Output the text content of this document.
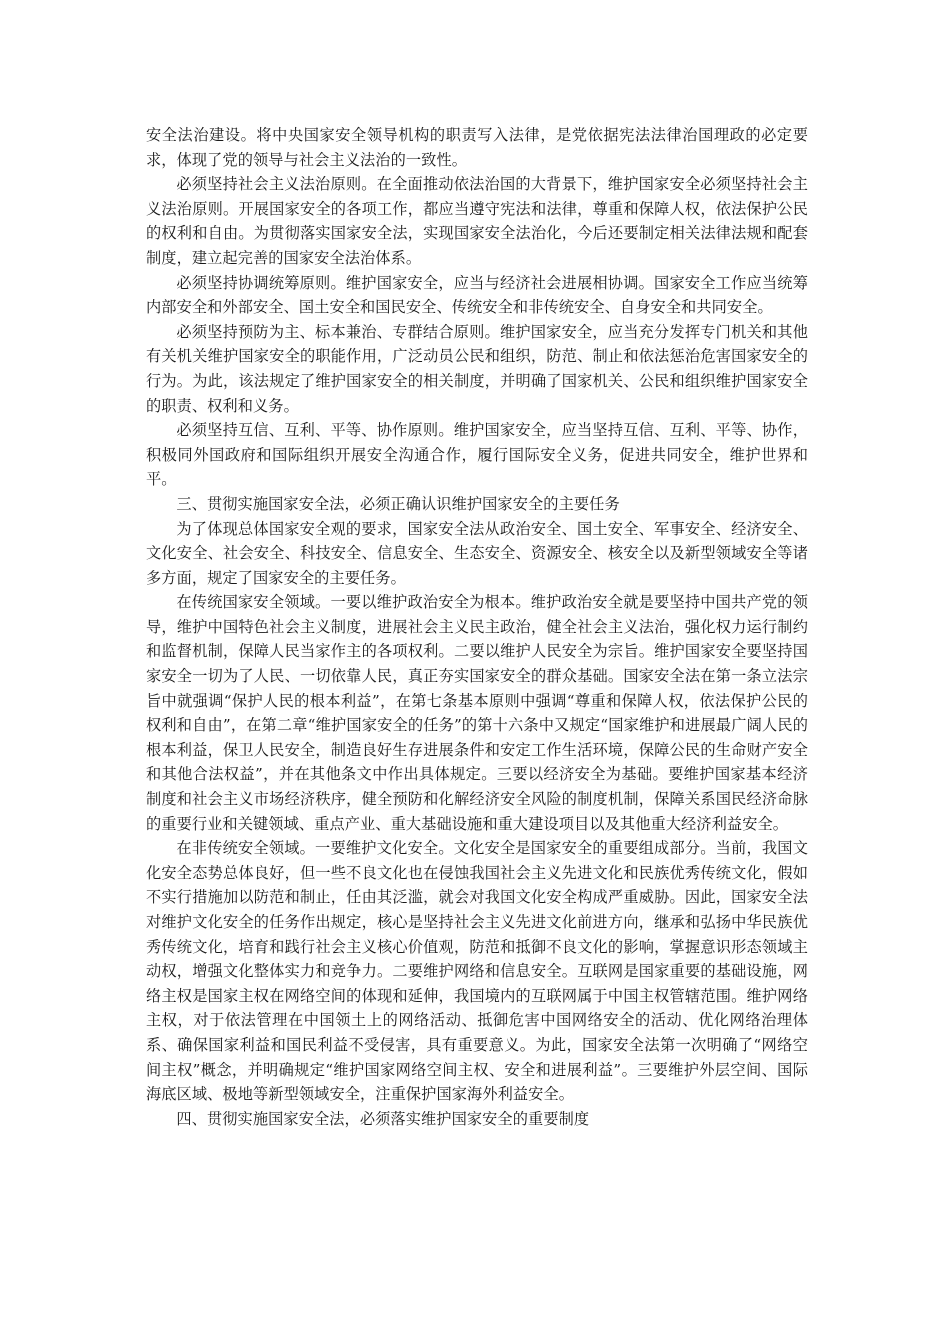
安全法治建设。将中央国家安全领导机构的职责写入法律，是党依据宪法法律治国理政的必定要求，体现了党的领导与社会主义法治的一致性。

必须坚持社会主义法治原则。在全面推动依法治国的大背景下，维护国家安全必须坚持社会主义法治原则。开展国家安全的各项工作，都应当遵守宪法和法律，尊重和保障人权，依法保护公民的权利和自由。为贯彻落实国家安全法，实现国家安全法治化，今后还要制定相关法律法规和配套制度，建立起完善的国家安全法治体系。

必须坚持协调统筹原则。维护国家安全，应当与经济社会进展相协调。国家安全工作应当统筹内部安全和外部安全、国土安全和国民安全、传统安全和非传统安全、自身安全和共同安全。

必须坚持预防为主、标本兼治、专群结合原则。维护国家安全，应当充分发挥专门机关和其他有关机关维护国家安全的职能作用，广泛动员公民和组织，防范、制止和依法惩治危害国家安全的行为。为此，该法规定了维护国家安全的相关制度，并明确了国家机关、公民和组织维护国家安全的职责、权利和义务。

必须坚持互信、互利、平等、协作原则。维护国家安全，应当坚持互信、互利、平等、协作，积极同外国政府和国际组织开展安全沟通合作，履行国际安全义务，促进共同安全，维护世界和平。

三、贯彻实施国家安全法，必须正确认识维护国家安全的主要任务

为了体现总体国家安全观的要求，国家安全法从政治安全、国土安全、军事安全、经济安全、文化安全、社会安全、科技安全、信息安全、生态安全、资源安全、核安全以及新型领域安全等诸多方面，规定了国家安全的主要任务。

在传统国家安全领域。一要以维护政治安全为根本。维护政治安全就是要坚持中国共产党的领导，维护中国特色社会主义制度，进展社会主义民主政治，健全社会主义法治，强化权力运行制约和监督机制，保障人民当家作主的各项权利。二要以维护人民安全为宗旨。维护国家安全要坚持国家安全一切为了人民、一切依靠人民，真正夯实国家安全的群众基础。国家安全法在第一条立法宗旨中就强调“保护人民的根本利益”，在第七条基本原则中强调“尊重和保障人权，依法保护公民的权利和自由”，在第二章“维护国家安全的任务”的第十六条中又规定“国家维护和进展最广阔人民的根本利益，保卫人民安全，制造良好生存进展条件和安定工作生活环境，保障公民的生命财产安全和其他合法权益”，并在其他条文中作出具体规定。三要以经济安全为基础。要维护国家基本经济制度和社会主义市场经济秩序，健全预防和化解经济安全风险的制度机制，保障关系国民经济命脉的重要行业和关键领域、重点产业、重大基础设施和重大建设项目以及其他重大经济利益安全。

在非传统安全领域。一要维护文化安全。文化安全是国家安全的重要组成部分。当前，我国文化安全态势总体良好，但一些不良文化也在侵蚀我国社会主义先进文化和民族优秀传统文化，假如不实行措施加以防范和制止，任由其泛滥，就会对我国文化安全构成严重威胁。因此，国家安全法对维护文化安全的任务作出规定，核心是坚持社会主义先进文化前进方向，继承和弘扬中华民族优秀传统文化，培育和践行社会主义核心价值观，防范和抵御不良文化的影响，掌握意识形态领域主动权，增强文化整体实力和竞争力。二要维护网络和信息安全。互联网是国家重要的基础设施，网络主权是国家主权在网络空间的体现和延伸，我国境内的互联网属于中国主权管辖范围。维护网络主权，对于依法管理在中国领土上的网络活动、抵御危害中国网络安全的活动、优化网络治理体系、确保国家利益和国民利益不受侵害，具有重要意义。为此，国家安全法第一次明确了“网络空间主权”概念，并明确规定“维护国家网络空间主权、安全和进展利益”。三要维护外层空间、国际海底区域、极地等新型领域安全，注重保护国家海外利益安全。

四、贯彻实施国家安全法，必须落实维护国家安全的重要制度
